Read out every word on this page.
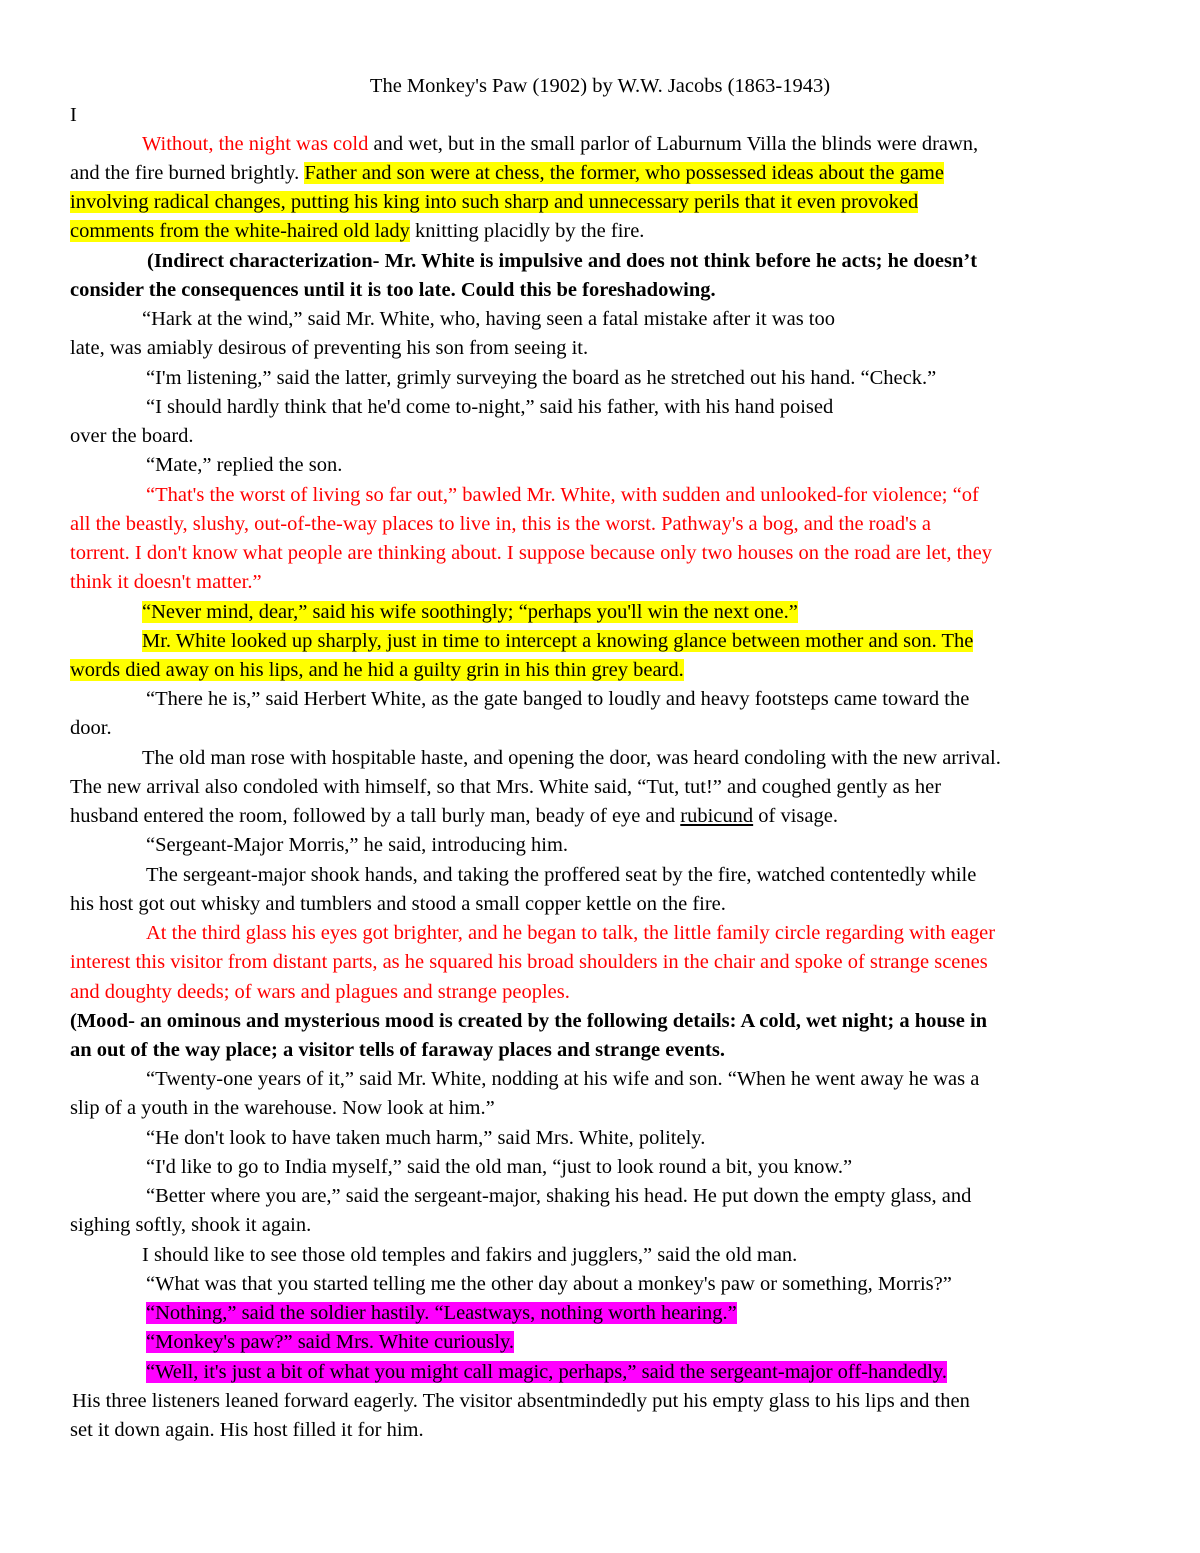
The Monkey's Paw (1902) by W.W. Jacobs (1863-1943)
I
Without, the night was cold and wet, but in the small parlor of Laburnum Villa the blinds were drawn,
and the fire burned brightly. Father and son were at chess, the former, who possessed ideas about the game
involving radical changes, putting his king into such sharp and unnecessary perils that it even provoked
comments from the white-haired old lady knitting placidly by the fire.
(Indirect characterization- Mr. White is impulsive and does not think before he acts; he doesn’t
consider the consequences until it is too late. Could this be foreshadowing.
“Hark at the wind,” said Mr. White, who, having seen a fatal mistake after it was too
late, was amiably desirous of preventing his son from seeing it.
“I'm listening,” said the latter, grimly surveying the board as he stretched out his hand. “Check.”
“I should hardly think that he'd come to-night,” said his father, with his hand poised
over the board.
“Mate,” replied the son.
“That's the worst of living so far out,” bawled Mr. White, with sudden and unlooked-for violence; “of
all the beastly, slushy, out-of-the-way places to live in, this is the worst. Pathway's a bog, and the road's a
torrent. I don't know what people are thinking about. I suppose because only two houses on the road are let, they
think it doesn't matter.”
“Never mind, dear,” said his wife soothingly; “perhaps you'll win the next one.”
Mr. White looked up sharply, just in time to intercept a knowing glance between mother and son. The
words died away on his lips, and he hid a guilty grin in his thin grey beard.
“There he is,” said Herbert White, as the gate banged to loudly and heavy footsteps came toward the
door.
The old man rose with hospitable haste, and opening the door, was heard condoling with the new arrival.
The new arrival also condoled with himself, so that Mrs. White said, “Tut, tut!” and coughed gently as her
husband entered the room, followed by a tall burly man, beady of eye and rubicund of visage.
“Sergeant-Major Morris,” he said, introducing him.
The sergeant-major shook hands, and taking the proffered seat by the fire, watched contentedly while
his host got out whisky and tumblers and stood a small copper kettle on the fire.
At the third glass his eyes got brighter, and he began to talk, the little family circle regarding with eager
interest this visitor from distant parts, as he squared his broad shoulders in the chair and spoke of strange scenes
and doughty deeds; of wars and plagues and strange peoples.
(Mood- an ominous and mysterious mood is created by the following details: A cold, wet night; a house in
an out of the way place; a visitor tells of faraway places and strange events.
“Twenty-one years of it,” said Mr. White, nodding at his wife and son. “When he went away he was a
slip of a youth in the warehouse. Now look at him.”
“He don't look to have taken much harm,” said Mrs. White, politely.
“I'd like to go to India myself,” said the old man, “just to look round a bit, you know.”
“Better where you are,” said the sergeant-major, shaking his head. He put down the empty glass, and
sighing softly, shook it again.
I should like to see those old temples and fakirs and jugglers,” said the old man.
“What was that you started telling me the other day about a monkey's paw or something, Morris?”
“Nothing,” said the soldier hastily. “Leastways, nothing worth hearing.”
“Monkey's paw?” said Mrs. White curiously.
“Well, it's just a bit of what you might call magic, perhaps,” said the sergeant-major off-handedly.
His three listeners leaned forward eagerly. The visitor absentmindedly put his empty glass to his lips and then
set it down again. His host filled it for him.
